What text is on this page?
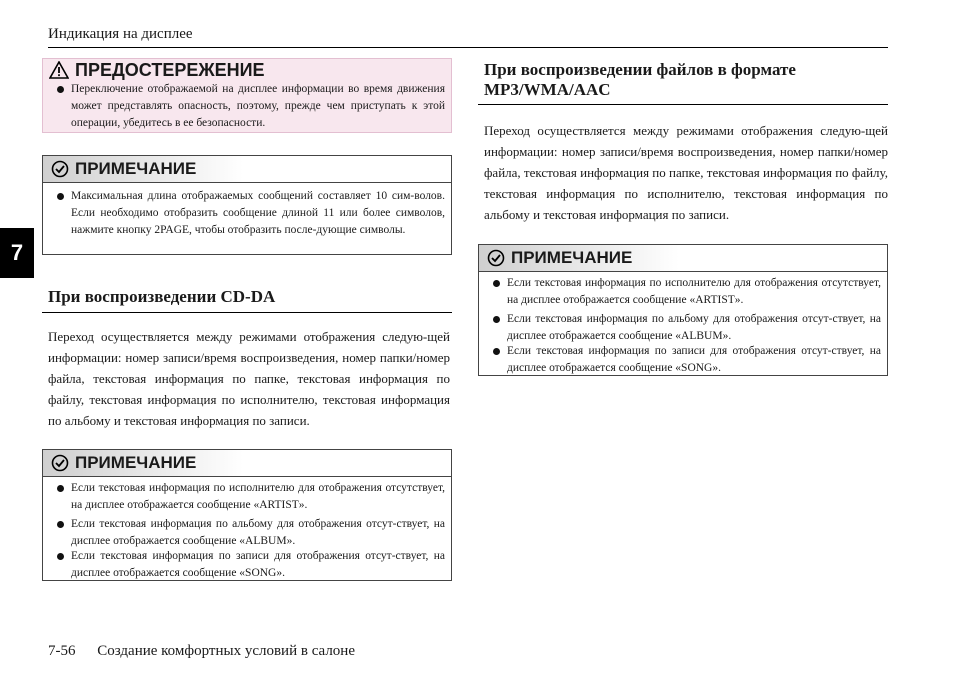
Индикация на дисплее
7
ПРЕДОСТЕРЕЖЕНИЕ
Переключение отображаемой на дисплее информации во время движения может представлять опасность, поэтому, прежде чем приступать к этой операции, убедитесь в ее безопасности.
ПРИМЕЧАНИЕ
Максимальная длина отображаемых сообщений составляет 10 сим-волов. Если необходимо отобразить сообщение длиной 11 или более символов, нажмите кнопку 2PAGE, чтобы отобразить после-дующие символы.
При воспроизведении CD-DA
Переход осуществляется между режимами отображения следую-щей информации: номер записи/время воспроизведения, номер папки/номер файла, текстовая информация по папке, текстовая информация по файлу, текстовая информация по исполнителю, текстовая информация по альбому и текстовая информация по записи.
ПРИМЕЧАНИЕ
Если текстовая информация по исполнителю для отображения отсутствует, на дисплее отображается сообщение «ARTIST».
Если текстовая информация по альбому для отображения отсут-ствует, на дисплее отображается сообщение «ALBUM».
Если текстовая информация по записи для отображения отсут-ствует, на дисплее отображается сообщение «SONG».
При воспроизведении файлов в формате
MP3/WMA/AAC
Переход осуществляется между режимами отображения следую-щей информации: номер записи/время воспроизведения, номер папки/номер файла, текстовая информация по папке, текстовая информация по файлу, текстовая информация по исполнителю, текстовая информация по альбому и текстовая информация по записи.
ПРИМЕЧАНИЕ
Если текстовая информация по исполнителю для отображения отсутствует, на дисплее отображается сообщение «ARTIST».
Если текстовая информация по альбому для отображения отсут-ствует, на дисплее отображается сообщение «ALBUM».
Если текстовая информация по записи для отображения отсут-ствует, на дисплее отображается сообщение «SONG».
7-56 Создание комфортных условий в салоне
